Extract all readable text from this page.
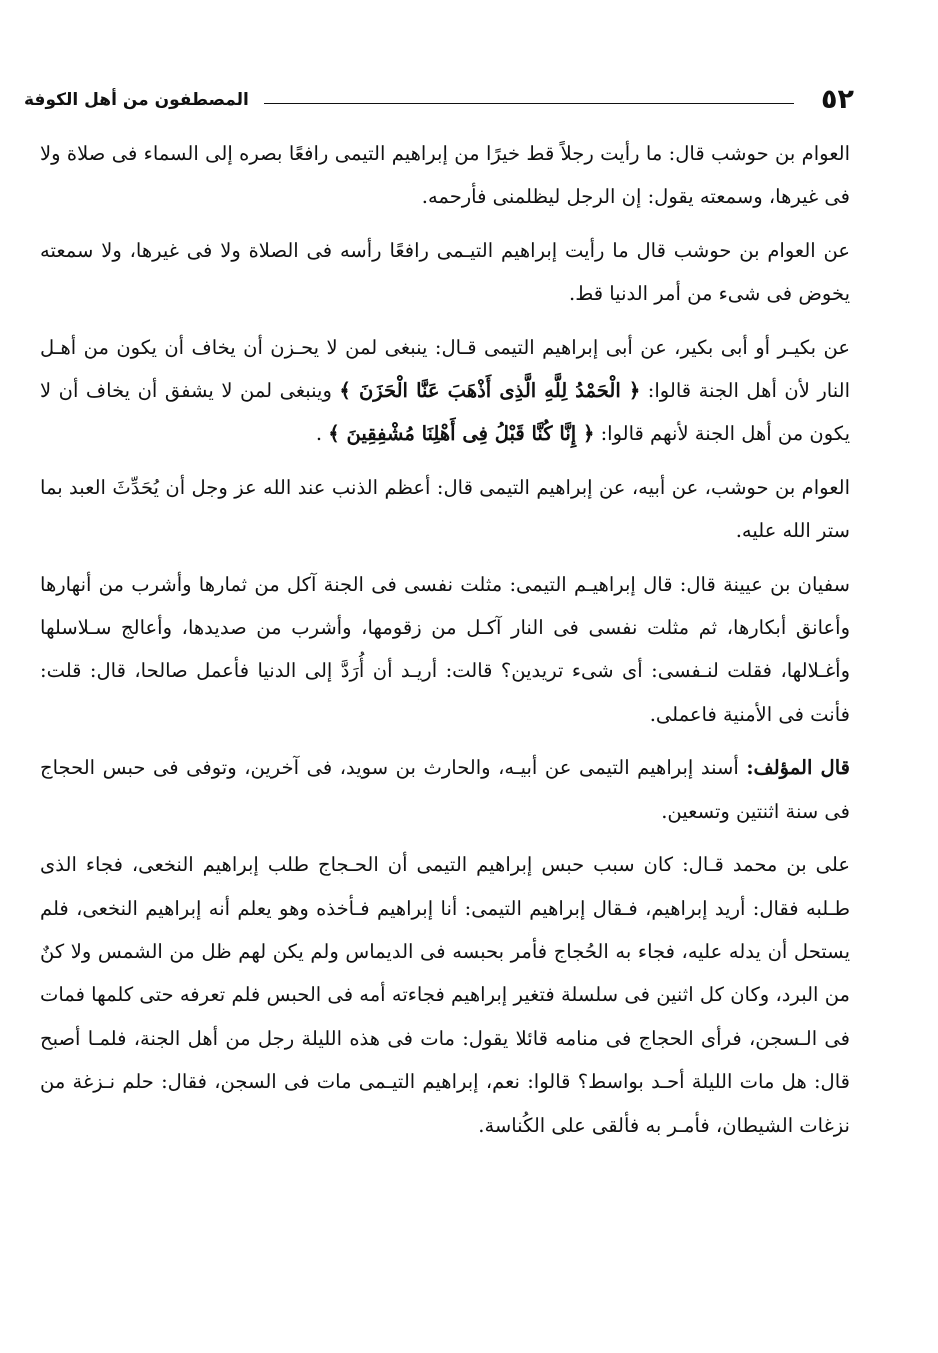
المصطفون من أهل الكوفة	٥٢

العوام بن حوشب قال: ما رأيت رجلاً قط خيرًا من إبراهيم التيمى رافعًا بصره إلى السماء فى صلاة ولا فى غيرها، وسمعته يقول: إن الرجل ليظلمنى فأرحمه.

عن العوام بن حوشب قال ما رأيت إبراهيم التيـمى رافعًا رأسه فى الصلاة ولا فى غيرها، ولا سمعته يخوض فى شىء من أمر الدنيا قط.

عن بكيـر أو أبى بكير، عن أبى إبراهيم التيمى قـال: ينبغى لمن لا يحـزن أن يخاف أن يكون من أهـل النار لأن أهل الجنة قالوا: ﴿ الْحَمْدُ لِلَّهِ الَّذِى أَذْهَبَ عَنَّا الْحَزَنَ ﴾ وينبغى لمن لا يشفق أن يخاف أن لا يكون من أهل الجنة لأنهم قالوا: ﴿ إِنَّا كُنَّا قَبْلُ فِى أَهْلِنَا مُشْفِقِينَ ﴾ .

العوام بن حوشب، عن أبيه، عن إبراهيم التيمى قال: أعظم الذنب عند الله عز وجل أن يُحَدِّثَ العبد بما ستر الله عليه.

سفيان بن عيينة قال: قال إبراهيـم التيمى: مثلت نفسى فى الجنة آكل من ثمارها وأشرب من أنهارها وأعانق أبكارها، ثم مثلت نفسى فى النار آكـل من زقومها، وأشرب من صديدها، وأعالج سـلاسلها وأغـلالها، فقلت لنـفسى: أى شىء تريدين؟ قالت: أريـد أن أُرَدَّ إلى الدنيا فأعمل صالحا، قال: قلت: فأنت فى الأمنية فاعملى.

قال المؤلف: أسند إبراهيم التيمى عن أبيـه، والحارث بن سويد، فى آخرين، وتوفى فى حبس الحجاج فى سنة اثنتين وتسعين.

على بن محمد قـال: كان سبب حبس إبراهيم التيمى أن الحـجاج طلب إبراهيم النخعى، فجاء الذى طـلبه فقال: أريد إبراهيم، فـقال إبراهيم التيمى: أنا إبراهيم فـأخذه وهو يعلم أنه إبراهيم النخعى، فلم يستحل أن يدله عليه، فجاء به الحُجاج فأمر بحبسه فى الديماس ولم يكن لهم ظل من الشمس ولا كنٌ من البرد، وكان كل اثنين فى سلسلة فتغير إبراهيم فجاءته أمه فى الحبس فلم تعرفه حتى كلمها فمات فى الـسجن، فرأى الحجاج فى منامه قائلا يقول: مات فى هذه الليلة رجل من أهل الجنة، فلمـا أصبح قال: هل مات الليلة أحـد بواسط؟ قالوا: نعم، إبراهيم التيـمى مات فى السجن، فقال: حلم نـزغة من نزغات الشيطان، فأمـر به فألقى على الكُناسة.
